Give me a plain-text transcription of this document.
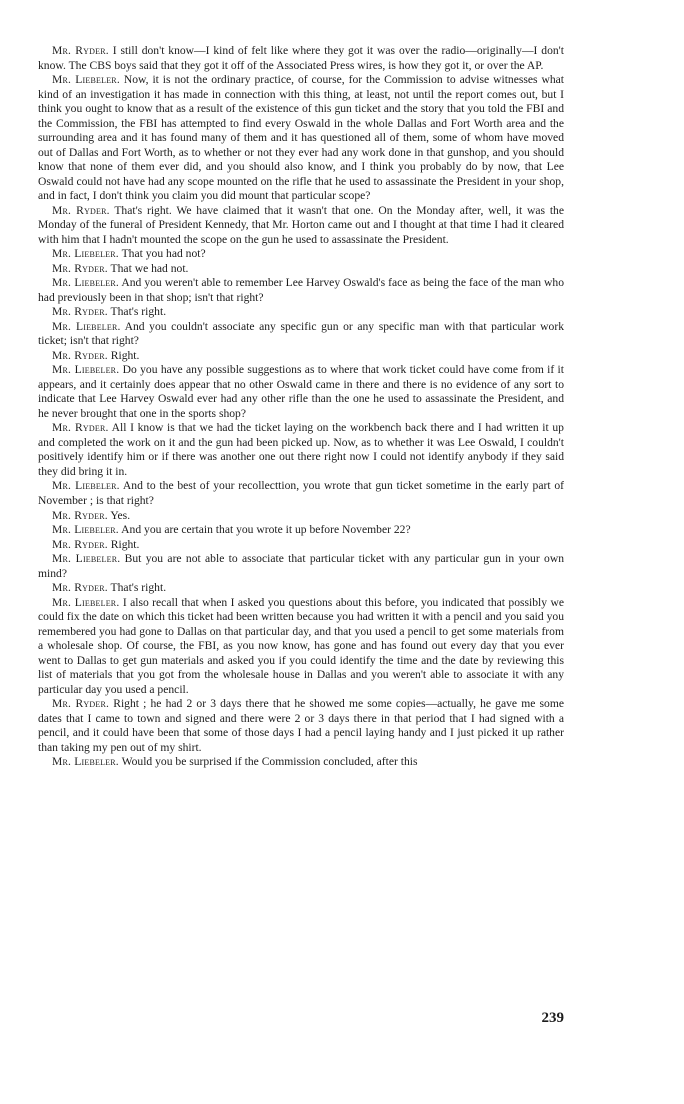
Mr. Ryder. I still don't know—I kind of felt like where they got it was over the radio—originally—I don't know. The CBS boys said that they got it off of the Associated Press wires, is how they got it, or over the AP.

Mr. Liebeler. Now, it is not the ordinary practice, of course, for the Commission to advise witnesses what kind of an investigation it has made in connection with this thing, at least, not until the report comes out, but I think you ought to know that as a result of the existence of this gun ticket and the story that you told the FBI and the Commission, the FBI has attempted to find every Oswald in the whole Dallas and Fort Worth area and the surrounding area and it has found many of them and it has questioned all of them, some of whom have moved out of Dallas and Fort Worth, as to whether or not they ever had any work done in that gunshop, and you should know that none of them ever did, and you should also know, and I think you probably do by now, that Lee Oswald could not have had any scope mounted on the rifle that he used to assassinate the President in your shop, and in fact, I don't think you claim you did mount that particular scope?

Mr. Ryder. That's right. We have claimed that it wasn't that one. On the Monday after, well, it was the Monday of the funeral of President Kennedy, that Mr. Horton came out and I thought at that time I had it cleared with him that I hadn't mounted the scope on the gun he used to assassinate the President.

Mr. Liebeler. That you had not?

Mr. Ryder. That we had not.

Mr. Liebeler. And you weren't able to remember Lee Harvey Oswald's face as being the face of the man who had previously been in that shop; isn't that right?

Mr. Ryder. That's right.

Mr. Liebeler. And you couldn't associate any specific gun or any specific man with that particular work ticket; isn't that right?

Mr. Ryder. Right.

Mr. Liebeler. Do you have any possible suggestions as to where that work ticket could have come from if it appears, and it certainly does appear that no other Oswald came in there and there is no evidence of any sort to indicate that Lee Harvey Oswald ever had any other rifle than the one he used to assassinate the President, and he never brought that one in the sports shop?

Mr. Ryder. All I know is that we had the ticket laying on the workbench back there and I had written it up and completed the work on it and the gun had been picked up. Now, as to whether it was Lee Oswald, I couldn't positively identify him or if there was another one out there right now I could not identify anybody if they said they did bring it in.

Mr. Liebeler. And to the best of your recollecttion, you wrote that gun ticket sometime in the early part of November ; is that right?

Mr. Ryder. Yes.

Mr. Liebeler. And you are certain that you wrote it up before November 22?

Mr. Ryder. Right.

Mr. Liebeler. But you are not able to associate that particular ticket with any particular gun in your own mind?

Mr. Ryder. That's right.

Mr. Liebeler. I also recall that when I asked you questions about this before, you indicated that possibly we could fix the date on which this ticket had been written because you had written it with a pencil and you said you remembered you had gone to Dallas on that particular day, and that you used a pencil to get some materials from a wholesale shop. Of course, the FBI, as you now know, has gone and has found out every day that you ever went to Dallas to get gun materials and asked you if you could identify the time and the date by reviewing this list of materials that you got from the wholesale house in Dallas and you weren't able to associate it with any particular day you used a pencil.

Mr. Ryder. Right ; he had 2 or 3 days there that he showed me some copies—actually, he gave me some dates that I came to town and signed and there were 2 or 3 days there in that period that I had signed with a pencil, and it could have been that some of those days I had a pencil laying handy and I just picked it up rather than taking my pen out of my shirt.

Mr. Liebeler. Would you be surprised if the Commission concluded, after this

239
